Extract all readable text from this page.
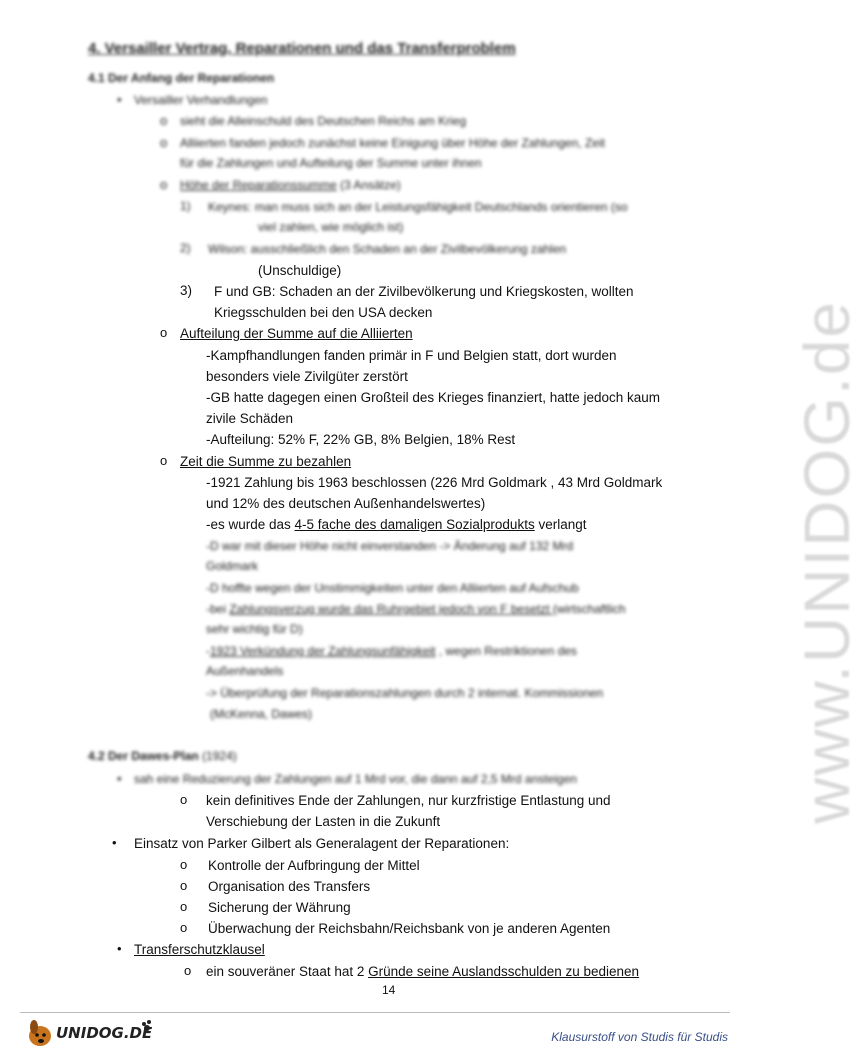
www.UNIDOG.de
4. Versailler Vertrag, Reparationen und das Transferproblem
4.1 Der Anfang der Reparationen
• Versailler Verhandlungen
o sieht die Alleinschuld des Deutschen Reichs am Krieg
o Alliierten fanden jedoch zunächst keine Einigung über Höhe der Zahlungen, Zeit
für die Zahlungen und Aufteilung der Summe unter ihnen
o Höhe der Reparationssumme (3 Ansätze)
1) Keynes: man muss sich an der Leistungsfähigkeit Deutschlands orientieren (so
viel zahlen, wie möglich ist)
2) Wilson: ausschließlich den Schaden an der Zivilbevölkerung zahlen
(Unschuldige)
3) F und GB: Schaden an der Zivilbevölkerung und Kriegskosten, wollten
Kriegsschulden bei den USA decken
o Aufteilung der Summe auf die Alliierten
-Kampfhandlungen fanden primär in F und Belgien statt, dort wurden
besonders viele Zivilgüter zerstört
-GB hatte dagegen einen Großteil des Krieges finanziert, hatte jedoch kaum
zivile Schäden
-Aufteilung: 52% F, 22% GB, 8% Belgien, 18% Rest
o Zeit die Summe zu bezahlen
-1921 Zahlung bis 1963 beschlossen (226 Mrd Goldmark , 43 Mrd Goldmark
und 12% des deutschen Außenhandelswertes)
-es wurde das 4-5 fache des damaligen Sozialprodukts verlangt
-D war mit dieser Höhe nicht einverstanden -> Änderung auf 132 Mrd
Goldmark
-D hoffte wegen der Unstimmigkeiten unter den Alliierten auf Aufschub
-bei Zahlungsverzug wurde das Ruhrgebiet jedoch von F besetzt (wirtschaftlich
sehr wichtig für D)
-1923 Verkündung der Zahlungsunfähigkeit , wegen Restriktionen des
Außenhandels
-> Überprüfung der Reparationszahlungen durch 2 internat. Kommissionen
(McKenna, Dawes)
4.2 Der Dawes-Plan (1924)
• sah eine Reduzierung der Zahlungen auf 1 Mrd vor, die dann auf 2,5 Mrd ansteigen
o kein definitives Ende der Zahlungen, nur kurzfristige Entlastung und
Verschiebung der Lasten in die Zukunft
• Einsatz von Parker Gilbert als Generalagent der Reparationen:
o Kontrolle der Aufbringung der Mittel
o Organisation des Transfers
o Sicherung der Währung
o Überwachung der Reichsbahn/Reichsbank von je anderen Agenten
• Transferschutzklausel
o ein souveräner Staat hat 2 Gründe seine Auslandsschulden zu bedienen
14
UNIDOG.DE	Klausurstoff von Studis für Studis
